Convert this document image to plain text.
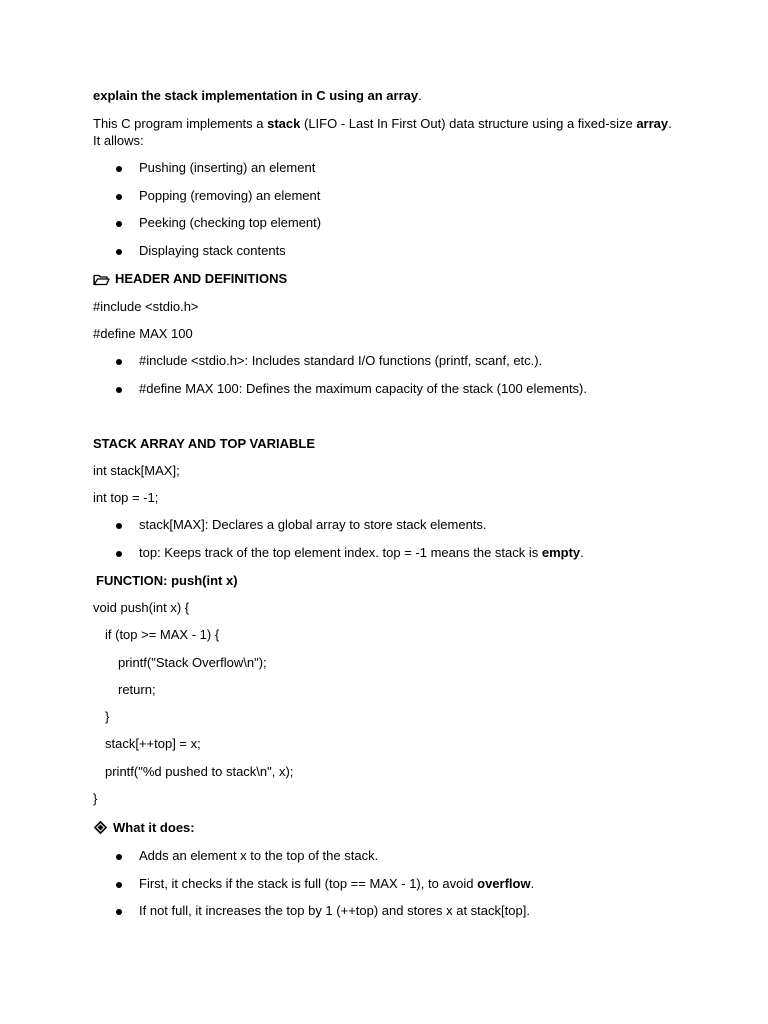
explain the stack implementation in C using an array.
This C program implements a stack (LIFO - Last In First Out) data structure using a fixed-size array. It allows:
Pushing (inserting) an element
Popping (removing) an element
Peeking (checking top element)
Displaying stack contents
HEADER AND DEFINITIONS
#include <stdio.h>
#define MAX 100
#include <stdio.h>: Includes standard I/O functions (printf, scanf, etc.).
#define MAX 100: Defines the maximum capacity of the stack (100 elements).
STACK ARRAY AND TOP VARIABLE
int stack[MAX];
int top = -1;
stack[MAX]: Declares a global array to store stack elements.
top: Keeps track of the top element index. top = -1 means the stack is empty.
FUNCTION: push(int x)
void push(int x) {
if (top >= MAX - 1) {
printf("Stack Overflow\n");
return;
}
stack[++top] = x;
printf("%d pushed to stack\n", x);
}
What it does:
Adds an element x to the top of the stack.
First, it checks if the stack is full (top == MAX - 1), to avoid overflow.
If not full, it increases the top by 1 (++top) and stores x at stack[top].
